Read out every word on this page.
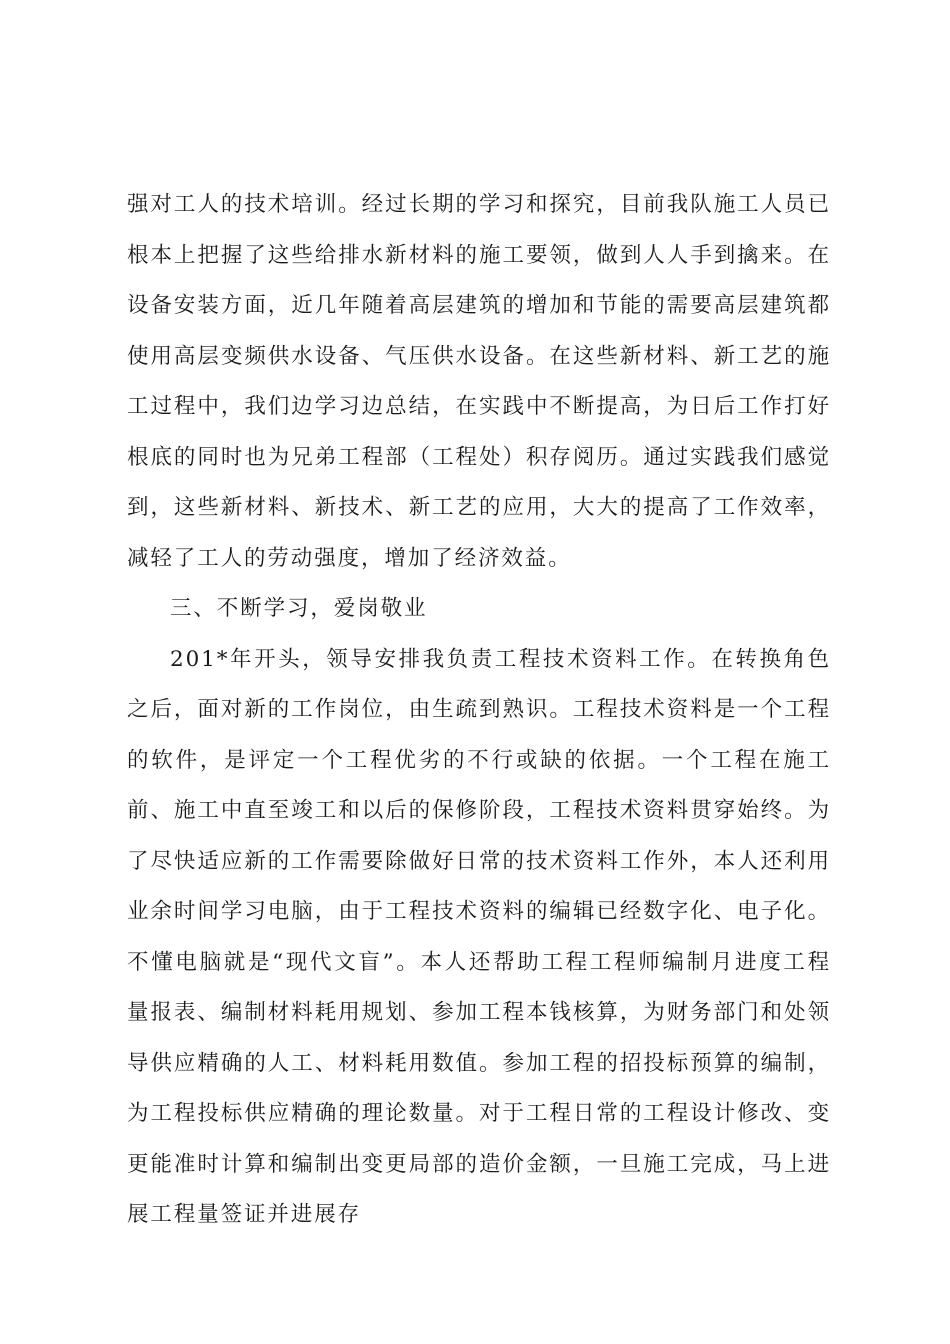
强对工人的技术培训。经过长期的学习和探究，目前我队施工人员已根本上把握了这些给排水新材料的施工要领，做到人人手到擒来。在设备安装方面，近几年随着高层建筑的增加和节能的需要高层建筑都使用高层变频供水设备、气压供水设备。在这些新材料、新工艺的施工过程中，我们边学习边总结，在实践中不断提高，为日后工作打好根底的同时也为兄弟工程部（工程处）积存阅历。通过实践我们感觉到，这些新材料、新技术、新工艺的应用，大大的提高了工作效率，减轻了工人的劳动强度，增加了经济效益。

三、不断学习，爱岗敬业

201*年开头，领导安排我负责工程技术资料工作。在转换角色之后，面对新的工作岗位，由生疏到熟识。工程技术资料是一个工程的软件，是评定一个工程优劣的不行或缺的依据。一个工程在施工前、施工中直至竣工和以后的保修阶段，工程技术资料贯穿始终。为了尽快适应新的工作需要除做好日常的技术资料工作外，本人还利用业余时间学习电脑，由于工程技术资料的编辑已经数字化、电子化。不懂电脑就是“现代文盲”。本人还帮助工程工程师编制月进度工程量报表、编制材料耗用规划、参加工程本钱核算，为财务部门和处领导供应精确的人工、材料耗用数值。参加工程的招投标预算的编制，为工程投标供应精确的理论数量。对于工程日常的工程设计修改、变更能准时计算和编制出变更局部的造价金额，一旦施工完成，马上进展工程量签证并进展存
